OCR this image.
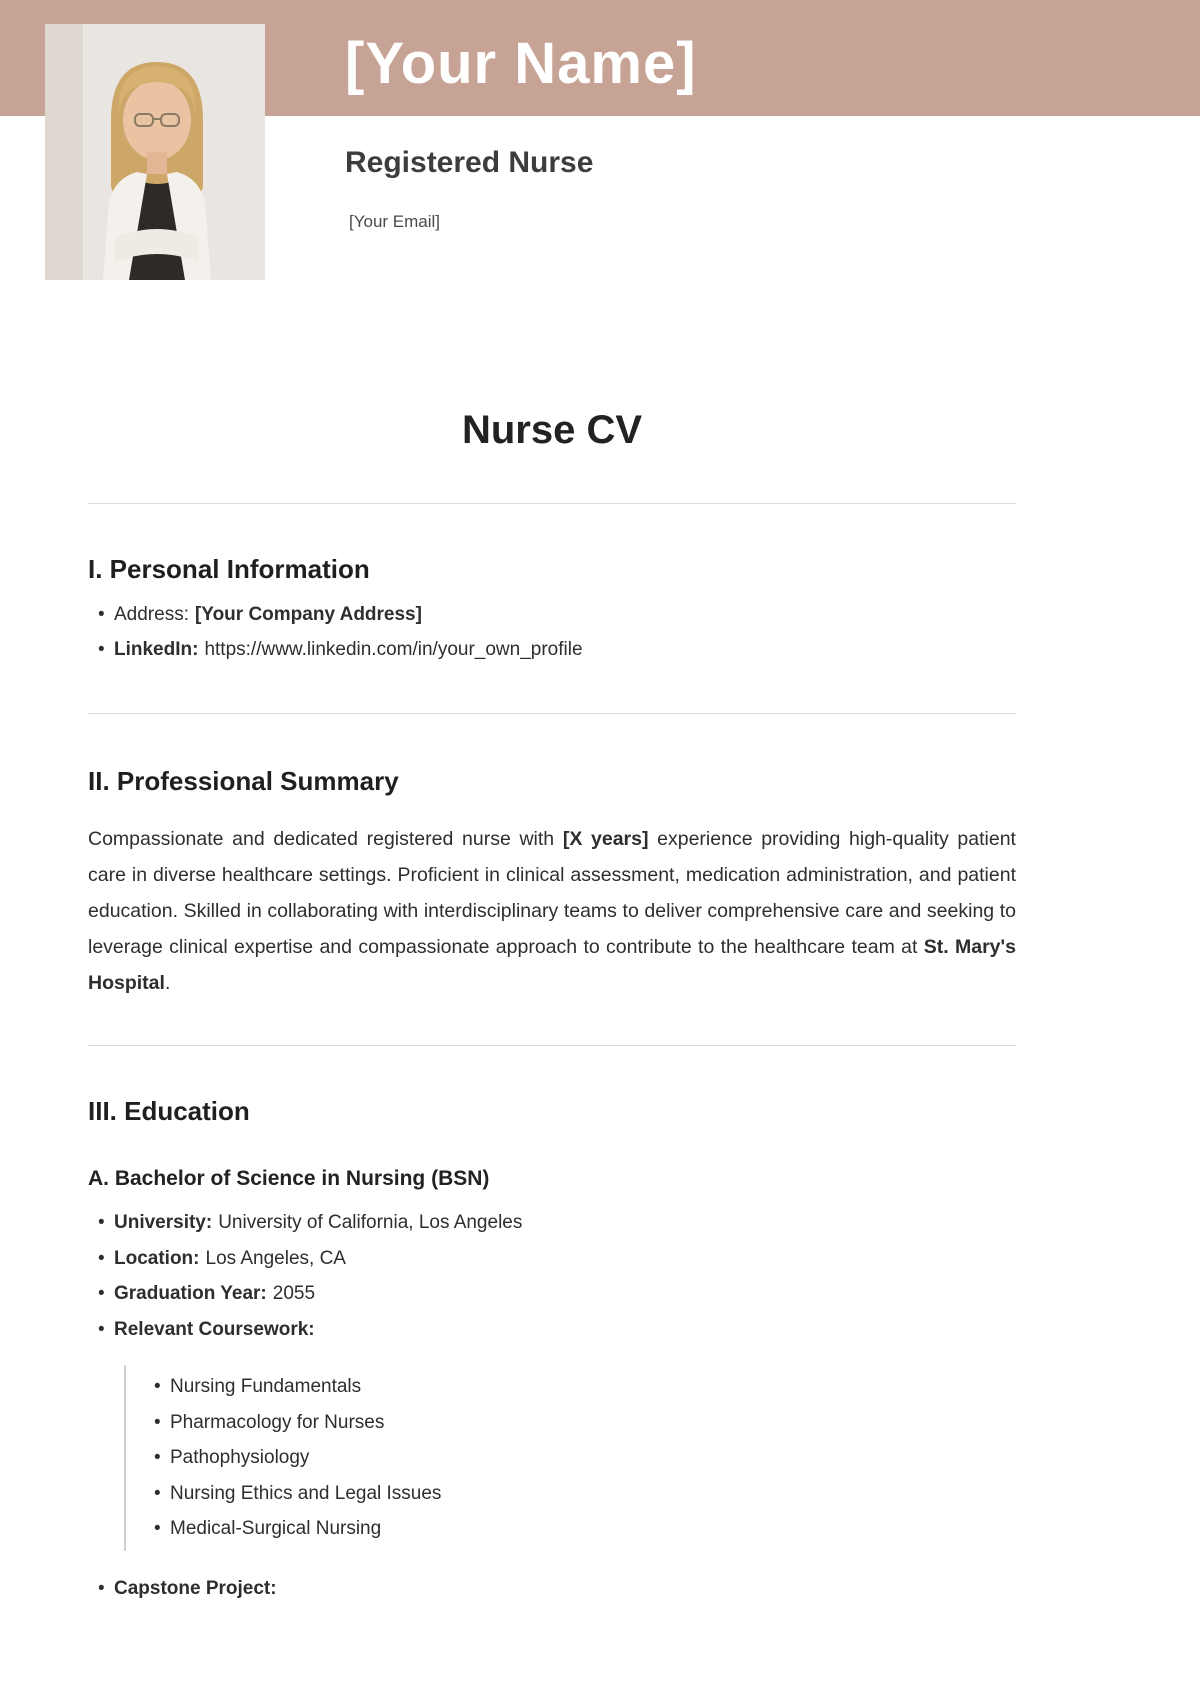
[Your Name]
Registered Nurse
[Your Email]
Nurse CV
I. Personal Information
• Address: [Your Company Address]
• LinkedIn: https://www.linkedin.com/in/your_own_profile
II. Professional Summary

Compassionate and dedicated registered nurse with [X years] experience providing high-quality patient care in diverse healthcare settings. Proficient in clinical assessment, medication administration, and patient education. Skilled in collaborating with interdisciplinary teams to deliver comprehensive care and seeking to leverage clinical expertise and compassionate approach to contribute to the healthcare team at St. Mary's Hospital.

III. Education
A. Bachelor of Science in Nursing (BSN)
• University: University of California, Los Angeles
• Location: Los Angeles, CA
• Graduation Year: 2055
• Relevant Coursework:
• Nursing Fundamentals
• Pharmacology for Nurses
• Pathophysiology
• Nursing Ethics and Legal Issues
• Medical-Surgical Nursing
• Capstone Project:
